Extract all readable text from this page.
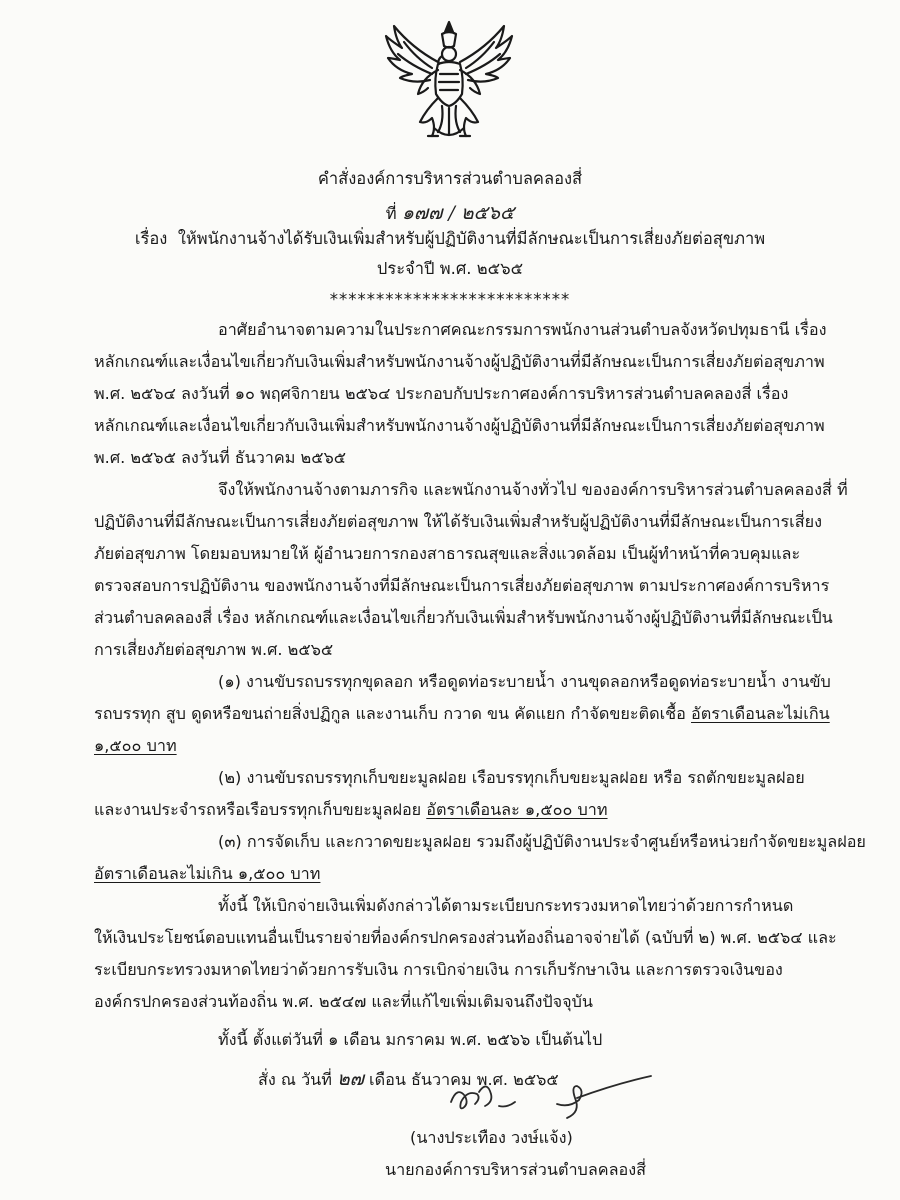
คำสั่งองค์การบริหารส่วนตำบลคลองสี่
ที่ ๑๗๗ / ๒๕๖๕
เรื่อง ให้พนักงานจ้างได้รับเงินเพิ่มสำหรับผู้ปฏิบัติงานที่มีลักษณะเป็นการเสี่ยงภัยต่อสุขภาพ
ประจำปี พ.ศ. ๒๕๖๕
**************************
อาศัยอำนาจตามความในประกาศคณะกรรมการพนักงานส่วนตำบลจังหวัดปทุมธานี เรื่อง
หลักเกณฑ์และเงื่อนไขเกี่ยวกับเงินเพิ่มสำหรับพนักงานจ้างผู้ปฏิบัติงานที่มีลักษณะเป็นการเสี่ยงภัยต่อสุขภาพ
พ.ศ. ๒๕๖๔ ลงวันที่ ๑๐ พฤศจิกายน ๒๕๖๔ ประกอบกับประกาศองค์การบริหารส่วนตำบลคลองสี่ เรื่อง
หลักเกณฑ์และเงื่อนไขเกี่ยวกับเงินเพิ่มสำหรับพนักงานจ้างผู้ปฏิบัติงานที่มีลักษณะเป็นการเสี่ยงภัยต่อสุขภาพ
พ.ศ. ๒๕๖๕ ลงวันที่ ธันวาคม ๒๕๖๕
จึงให้พนักงานจ้างตามภารกิจ และพนักงานจ้างทั่วไป ขององค์การบริหารส่วนตำบลคลองสี่ ที่
ปฏิบัติงานที่มีลักษณะเป็นการเสี่ยงภัยต่อสุขภาพ ให้ได้รับเงินเพิ่มสำหรับผู้ปฏิบัติงานที่มีลักษณะเป็นการเสี่ยง
ภัยต่อสุขภาพ โดยมอบหมายให้ ผู้อำนวยการกองสาธารณสุขและสิ่งแวดล้อม เป็นผู้ทำหน้าที่ควบคุมและ
ตรวจสอบการปฏิบัติงาน ของพนักงานจ้างที่มีลักษณะเป็นการเสี่ยงภัยต่อสุขภาพ ตามประกาศองค์การบริหาร
ส่วนตำบลคลองสี่ เรื่อง หลักเกณฑ์และเงื่อนไขเกี่ยวกับเงินเพิ่มสำหรับพนักงานจ้างผู้ปฏิบัติงานที่มีลักษณะเป็น
การเสี่ยงภัยต่อสุขภาพ พ.ศ. ๒๕๖๕
(๑) งานขับรถบรรทุกขุดลอก หรือดูดท่อระบายน้ำ งานขุดลอกหรือดูดท่อระบายน้ำ งานขับ
รถบรรทุก สูบ ดูดหรือขนถ่ายสิ่งปฏิกูล และงานเก็บ กวาด ขน คัดแยก กำจัดขยะติดเชื้อ อัตราเดือนละไม่เกิน
๑,๕๐๐ บาท
(๒) งานขับรถบรรทุกเก็บขยะมูลฝอย เรือบรรทุกเก็บขยะมูลฝอย หรือ รถตักขยะมูลฝอย
และงานประจำรถหรือเรือบรรทุกเก็บขยะมูลฝอย อัตราเดือนละ ๑,๕๐๐ บาท
(๓) การจัดเก็บ และกวาดขยะมูลฝอย รวมถึงผู้ปฏิบัติงานประจำศูนย์หรือหน่วยกำจัดขยะมูลฝอย
อัตราเดือนละไม่เกิน ๑,๕๐๐ บาท
ทั้งนี้ ให้เบิกจ่ายเงินเพิ่มดังกล่าวได้ตามระเบียบกระทรวงมหาดไทยว่าด้วยการกำหนด
ให้เงินประโยชน์ตอบแทนอื่นเป็นรายจ่ายที่องค์กรปกครองส่วนท้องถิ่นอาจจ่ายได้ (ฉบับที่ ๒) พ.ศ. ๒๕๖๔ และ
ระเบียบกระทรวงมหาดไทยว่าด้วยการรับเงิน การเบิกจ่ายเงิน การเก็บรักษาเงิน และการตรวจเงินของ
องค์กรปกครองส่วนท้องถิ่น พ.ศ. ๒๕๔๗ และที่แก้ไขเพิ่มเติมจนถึงปัจจุบัน
ทั้งนี้ ตั้งแต่วันที่ ๑ เดือน มกราคม พ.ศ. ๒๕๖๖ เป็นต้นไป
สั่ง ณ วันที่ ๒๗ เดือน ธันวาคม พ.ศ. ๒๕๖๕
(นางประเทือง วงษ์แจ้ง)
นายกองค์การบริหารส่วนตำบลคลองสี่
